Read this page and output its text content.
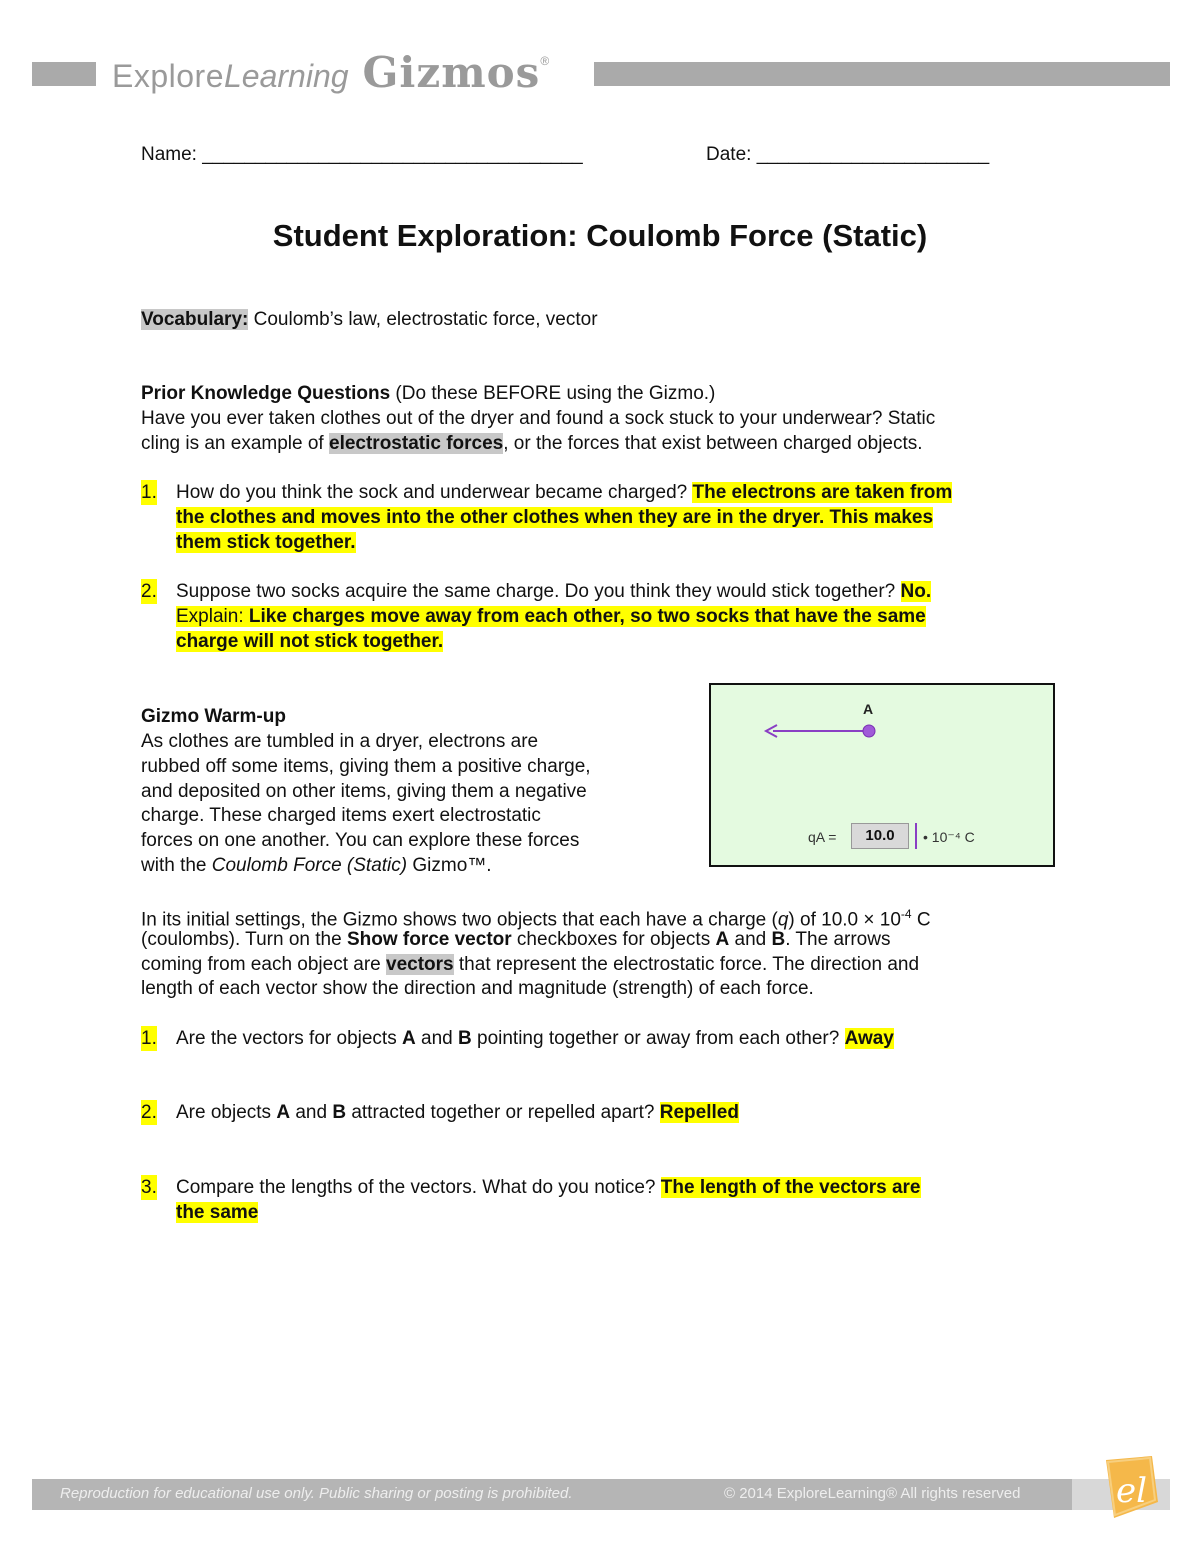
Explore Learning Gizmos ®
Name: ____________________________________	Date: ______________________
Student Exploration: Coulomb Force (Static)
Vocabulary: Coulomb’s law, electrostatic force, vector
Prior Knowledge Questions (Do these BEFORE using the Gizmo.)
Have you ever taken clothes out of the dryer and found a sock stuck to your underwear? Static
cling is an example of electrostatic forces, or the forces that exist between charged objects.
1. How do you think the sock and underwear became charged? The electrons are taken from
the clothes and moves into the other clothes when they are in the dryer. This makes
them stick together.
2. Suppose two socks acquire the same charge. Do you think they would stick together? No.
Explain: Like charges move away from each other, so two socks that have the same
charge will not stick together.
Gizmo Warm-up
As clothes are tumbled in a dryer, electrons are
rubbed off some items, giving them a positive charge,
and deposited on other items, giving them a negative
charge. These charged items exert electrostatic
forces on one another. You can explore these forces
with the Coulomb Force (Static) Gizmo™.
A
qA =	10.0	• 10⁻⁴ C
In its initial settings, the Gizmo shows two objects that each have a charge (q) of $10.0 \times 10^{-4}$ C
(coulombs). Turn on the Show force vector checkboxes for objects A and B. The arrows
coming from each object are vectors that represent the electrostatic force. The direction and
length of each vector show the direction and magnitude (strength) of each force.
1. Are the vectors for objects A and B pointing together or away from each other? Away
2. Are objects A and B attracted together or repelled apart? Repelled
3. Compare the lengths of the vectors. What do you notice? The length of the vectors are
the same
Reproduction for educational use only. Public sharing or posting is prohibited.	© 2014 ExploreLearning® All rights reserved	el
